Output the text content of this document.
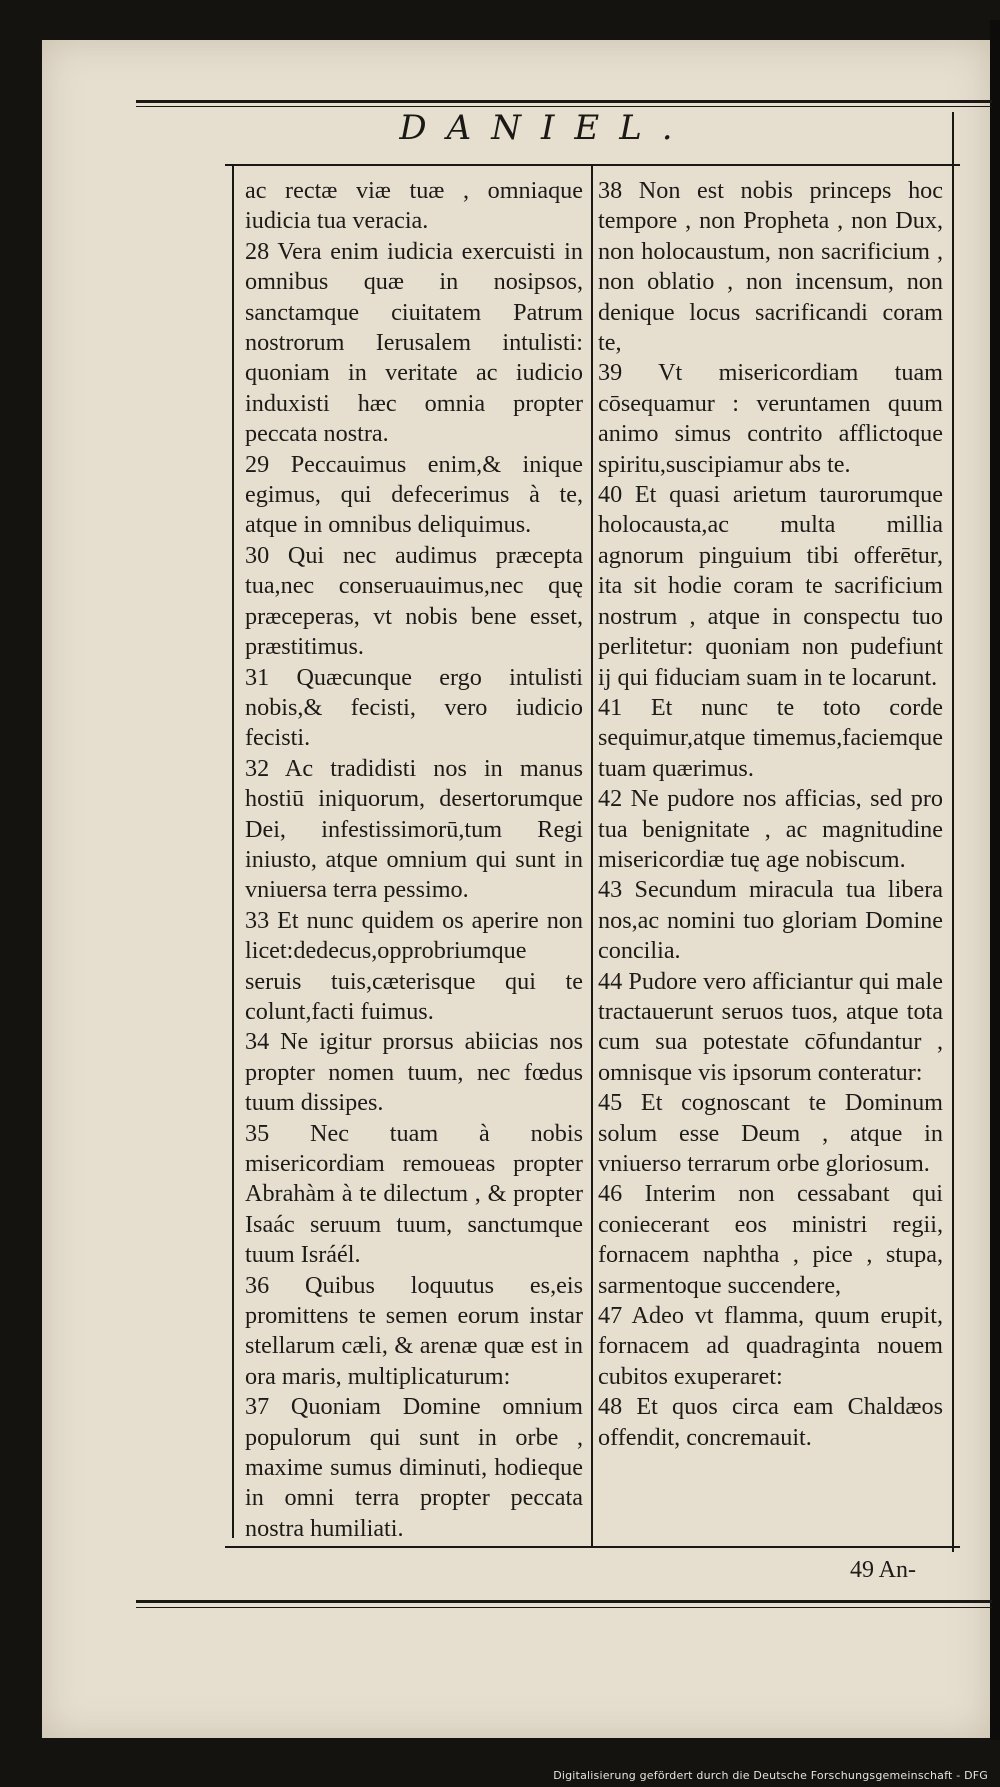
DANIEL.
ac rectæ viæ tuæ , omniaque iudicia tua veracia.
28 Vera enim iudicia exercuisti in omnibus quæ in nosipsos, sanctamque ciuitatem Patrum nostrorum Ierusalem intulisti: quoniam in veritate ac iudicio induxisti hæc omnia propter peccata nostra.
29 Peccauimus enim,& inique egimus, qui defecerimus à te, atque in omnibus deliquimus.
30 Qui nec audimus præcepta tua,nec conseruauimus,nec quę præceperas, vt nobis bene esset, præstitimus.
31 Quæcunque ergo intulisti nobis,& fecisti, vero iudicio fecisti.
32 Ac tradidisti nos in manus hostiū iniquorum, desertorumque Dei, infestissimorū,tum Regi iniusto, atque omnium qui sunt in vniuersa terra pessimo.
33 Et nunc quidem os aperire non licet:dedecus,opprobriumque seruis tuis,cæterisque qui te colunt,facti fuimus.
34 Ne igitur prorsus abiicias nos propter nomen tuum, nec fœdus tuum dissipes.
35 Nec tuam à nobis misericordiam remoueas propter Abrahàm à te dilectum , & propter Isaác seruum tuum, sanctumque tuum Isráél.
36 Quibus loquutus es,eis promittens te semen eorum instar stellarum cæli, & arenæ quæ est in ora maris, multiplicaturum:
37 Quoniam Domine omnium populorum qui sunt in orbe , maxime sumus diminuti, hodieque in omni terra propter peccata nostra humiliati.
38 Non est nobis princeps hoc tempore , non Propheta , non Dux, non holocaustum, non sacrificium , non oblatio , non incensum, non denique locus sacrificandi coram te,
39 Vt misericordiam tuam cōsequamur : veruntamen quum animo simus contrito afflictoque spiritu,suscipiamur abs te.
40 Et quasi arietum taurorumque holocausta,ac multa millia agnorum pinguium tibi offerētur, ita sit hodie coram te sacrificium nostrum , atque in conspectu tuo perlitetur: quoniam non pudefiunt ij qui fiduciam suam in te locarunt.
41 Et nunc te toto corde sequimur,atque timemus,faciemque tuam quærimus.
42 Ne pudore nos afficias, sed pro tua benignitate , ac magnitudine misericordiæ tuę age nobiscum.
43 Secundum miracula tua libera nos,ac nomini tuo gloriam Domine concilia.
44 Pudore vero afficiantur qui male tractauerunt seruos tuos, atque tota cum sua potestate cōfundantur , omnisque vis ipsorum conteratur:
45 Et cognoscant te Dominum solum esse Deum , atque in vniuerso terrarum orbe gloriosum.
46 Interim non cessabant qui coniecerant eos ministri regii, fornacem naphtha , pice , stupa, sarmentoque succendere,
47 Adeo vt flamma, quum erupit, fornacem ad quadraginta nouem cubitos exuperaret:
48 Et quos circa eam Chaldæos offendit, concremauit.
49 An-
Digitalisierung gefördert durch die Deutsche Forschungsgemeinschaft - DFG
